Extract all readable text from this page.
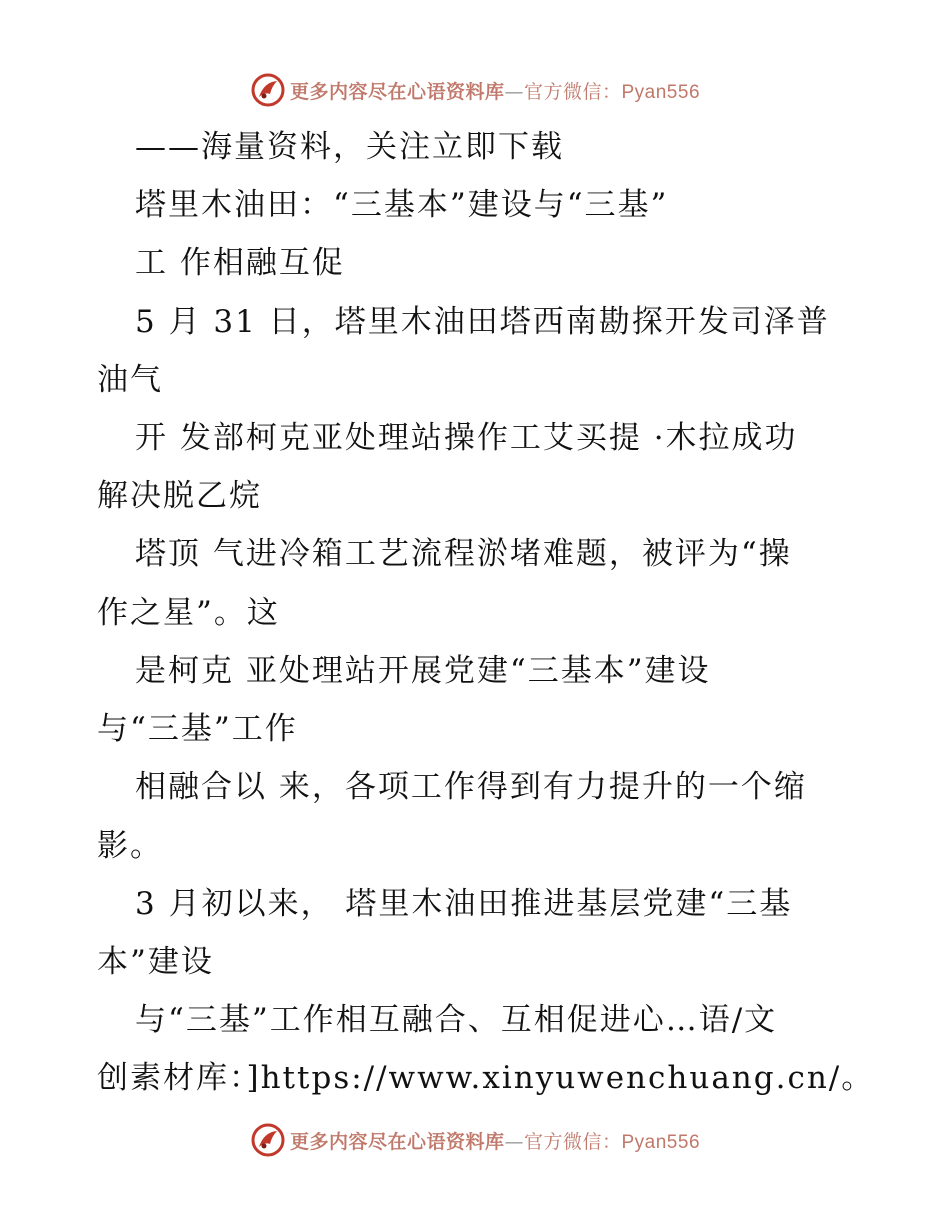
更多内容尽在心语资料库—官方微信：Pyan556
——海量资料，关注立即下载
塔里木油田：“三基本”建设与“三基”
工 作相融互促
5 月 31 日，塔里木油田塔西南勘探开发司泽普
油气
开 发部柯克亚处理站操作工艾买提 ·木拉成功
解决脱乙烷
塔顶 气进冷箱工艺流程淤堵难题，被评为“操
作之星”。这
是柯克 亚处理站开展党建“三基本”建设
与“三基”工作
相融合以 来，各项工作得到有力提升的一个缩
影。
3 月初以来， 塔里木油田推进基层党建“三基
本”建设
与“三基”工作相互融合、互相促进心…语/文
创素材库：]https://www.xinyuwenchuang.cn/。
更多内容尽在心语资料库—官方微信：Pyan556
